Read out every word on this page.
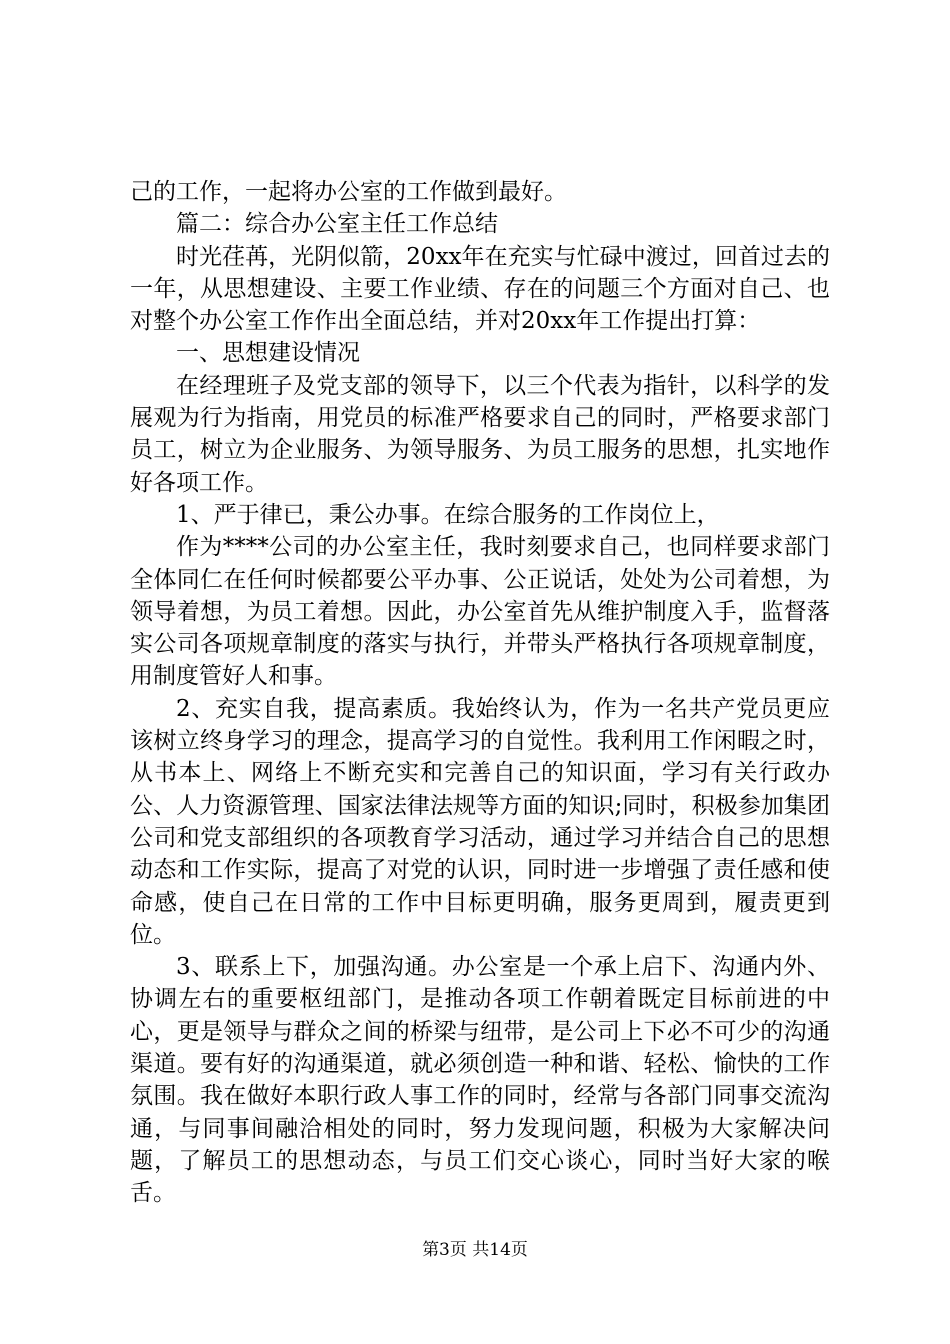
己的工作，一起将办公室的工作做到最好。

篇二：综合办公室主任工作总结

时光荏苒，光阴似箭，20xx年在充实与忙碌中渡过，回首过去的一年，从思想建设、主要工作业绩、存在的问题三个方面对自己、也对整个办公室工作作出全面总结，并对20xx年工作提出打算：

一、思想建设情况

在经理班子及党支部的领导下，以三个代表为指针，以科学的发展观为行为指南，用党员的标准严格要求自己的同时，严格要求部门员工，树立为企业服务、为领导服务、为员工服务的思想，扎实地作好各项工作。

1、严于律已，秉公办事。在综合服务的工作岗位上，

作为****公司的办公室主任，我时刻要求自己，也同样要求部门全体同仁在任何时候都要公平办事、公正说话，处处为公司着想，为领导着想，为员工着想。因此，办公室首先从维护制度入手，监督落实公司各项规章制度的落实与执行，并带头严格执行各项规章制度，用制度管好人和事。

2、充实自我，提高素质。我始终认为，作为一名共产党员更应该树立终身学习的理念，提高学习的自觉性。我利用工作闲暇之时，从书本上、网络上不断充实和完善自己的知识面，学习有关行政办公、人力资源管理、国家法律法规等方面的知识;同时，积极参加集团公司和党支部组织的各项教育学习活动，通过学习并结合自己的思想动态和工作实际，提高了对党的认识，同时进一步增强了责任感和使命感，使自己在日常的工作中目标更明确，服务更周到，履责更到位。

3、联系上下，加强沟通。办公室是一个承上启下、沟通内外、协调左右的重要枢纽部门，是推动各项工作朝着既定目标前进的中心，更是领导与群众之间的桥梁与纽带，是公司上下必不可少的沟通渠道。要有好的沟通渠道，就必须创造一种和谐、轻松、愉快的工作氛围。我在做好本职行政人事工作的同时，经常与各部门同事交流沟通，与同事间融洽相处的同时，努力发现问题，积极为大家解决问题，了解员工的思想动态，与员工们交心谈心，同时当好大家的喉舌。

第3页 共14页
